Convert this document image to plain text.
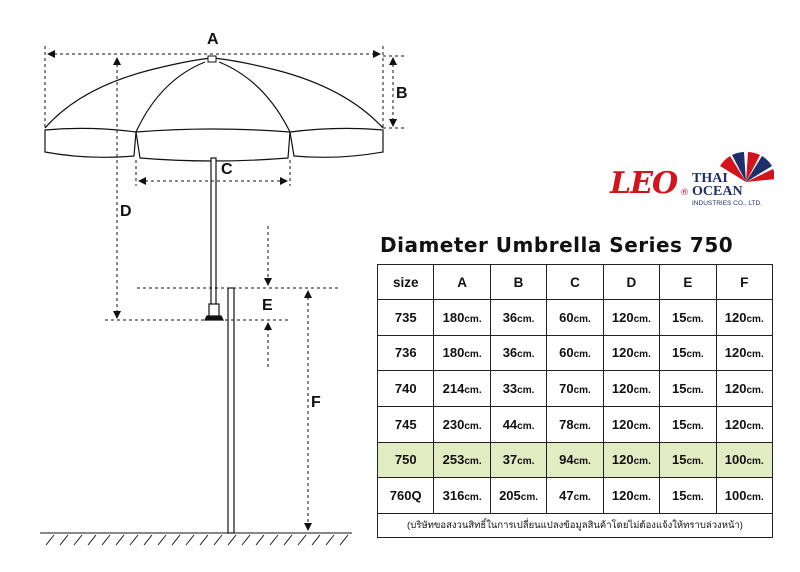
A
B
C
D
E
F
LEO ®
THAI
OCEAN
INDUSTRIES CO., LTD.
Diameter Umbrella Series 750
size	A	B	C	D	E	F
735	180cm.	36cm.	60cm.	120cm.	15cm.	120cm.
736	180cm.	36cm.	60cm.	120cm.	15cm.	120cm.
740	214cm.	33cm.	70cm.	120cm.	15cm.	120cm.
745	230cm.	44cm.	78cm.	120cm.	15cm.	120cm.
750	253cm.	37cm.	94cm.	120cm.	15cm.	100cm.
760Q	316cm.	205cm.	47cm.	120cm.	15cm.	100cm.
(บริษัทขอสงวนสิทธิ์ในการเปลี่ยนแปลงข้อมูลสินค้าโดยไม่ต้องแจ้งให้ทราบล่วงหน้า)						
